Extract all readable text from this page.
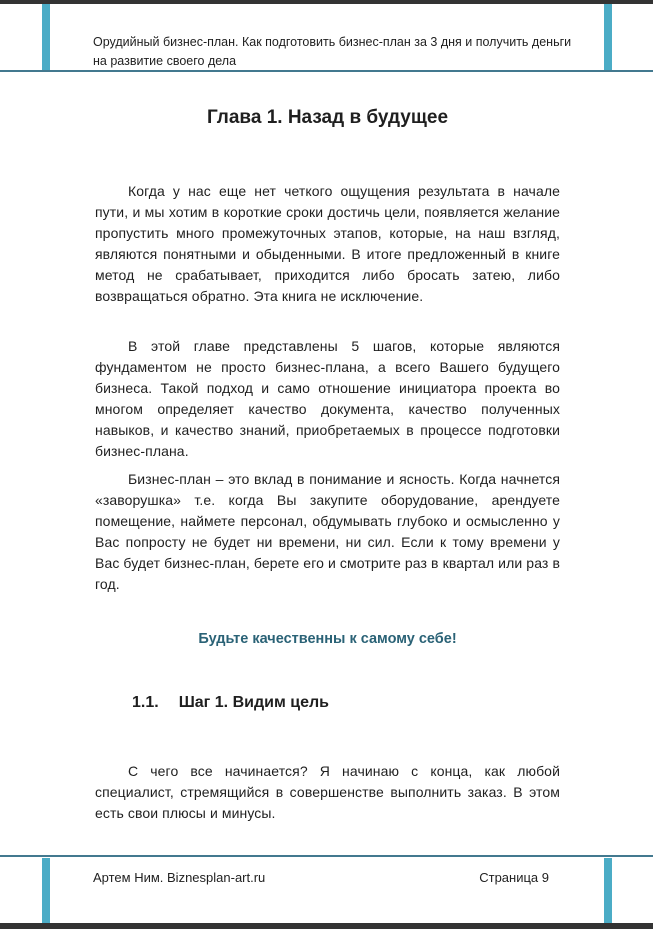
Орудийный бизнес-план. Как подготовить бизнес-план за 3 дня и получить деньги
на развитие своего дела
Глава 1. Назад в будущее

Когда у нас еще нет четкого ощущения результата в начале пути, и мы хотим в короткие сроки достичь цели, появляется желание пропустить много промежуточных этапов, которые, на наш взгляд, являются понятными и обыденными. В итоге предложенный в книге метод не срабатывает, приходится либо бросать затею, либо возвращаться обратно. Эта книга не исключение.

В этой главе представлены 5 шагов, которые являются фундаментом не просто бизнес-плана, а всего Вашего будущего бизнеса. Такой подход и само отношение инициатора проекта во многом определяет качество документа, качество полученных навыков, и качество знаний, приобретаемых в процессе подготовки бизнес-плана.

Бизнес-план – это вклад в понимание и ясность. Когда начнется «заворушка» т.е. когда Вы закупите оборудование, арендуете помещение, наймете персонал, обдумывать глубоко и осмысленно у Вас попросту не будет ни времени, ни сил. Если к тому времени у Вас будет бизнес-план, берете его и смотрите раз в квартал или раз в год.

Будьте качественны к самому себе!
1.1. Шаг 1. Видим цель

С чего все начинается? Я начинаю с конца, как любой специалист, стремящийся в совершенстве выполнить заказ. В этом есть свои плюсы и минусы.

Артем Ним. Biznesplan-art.ru	Страница 9
